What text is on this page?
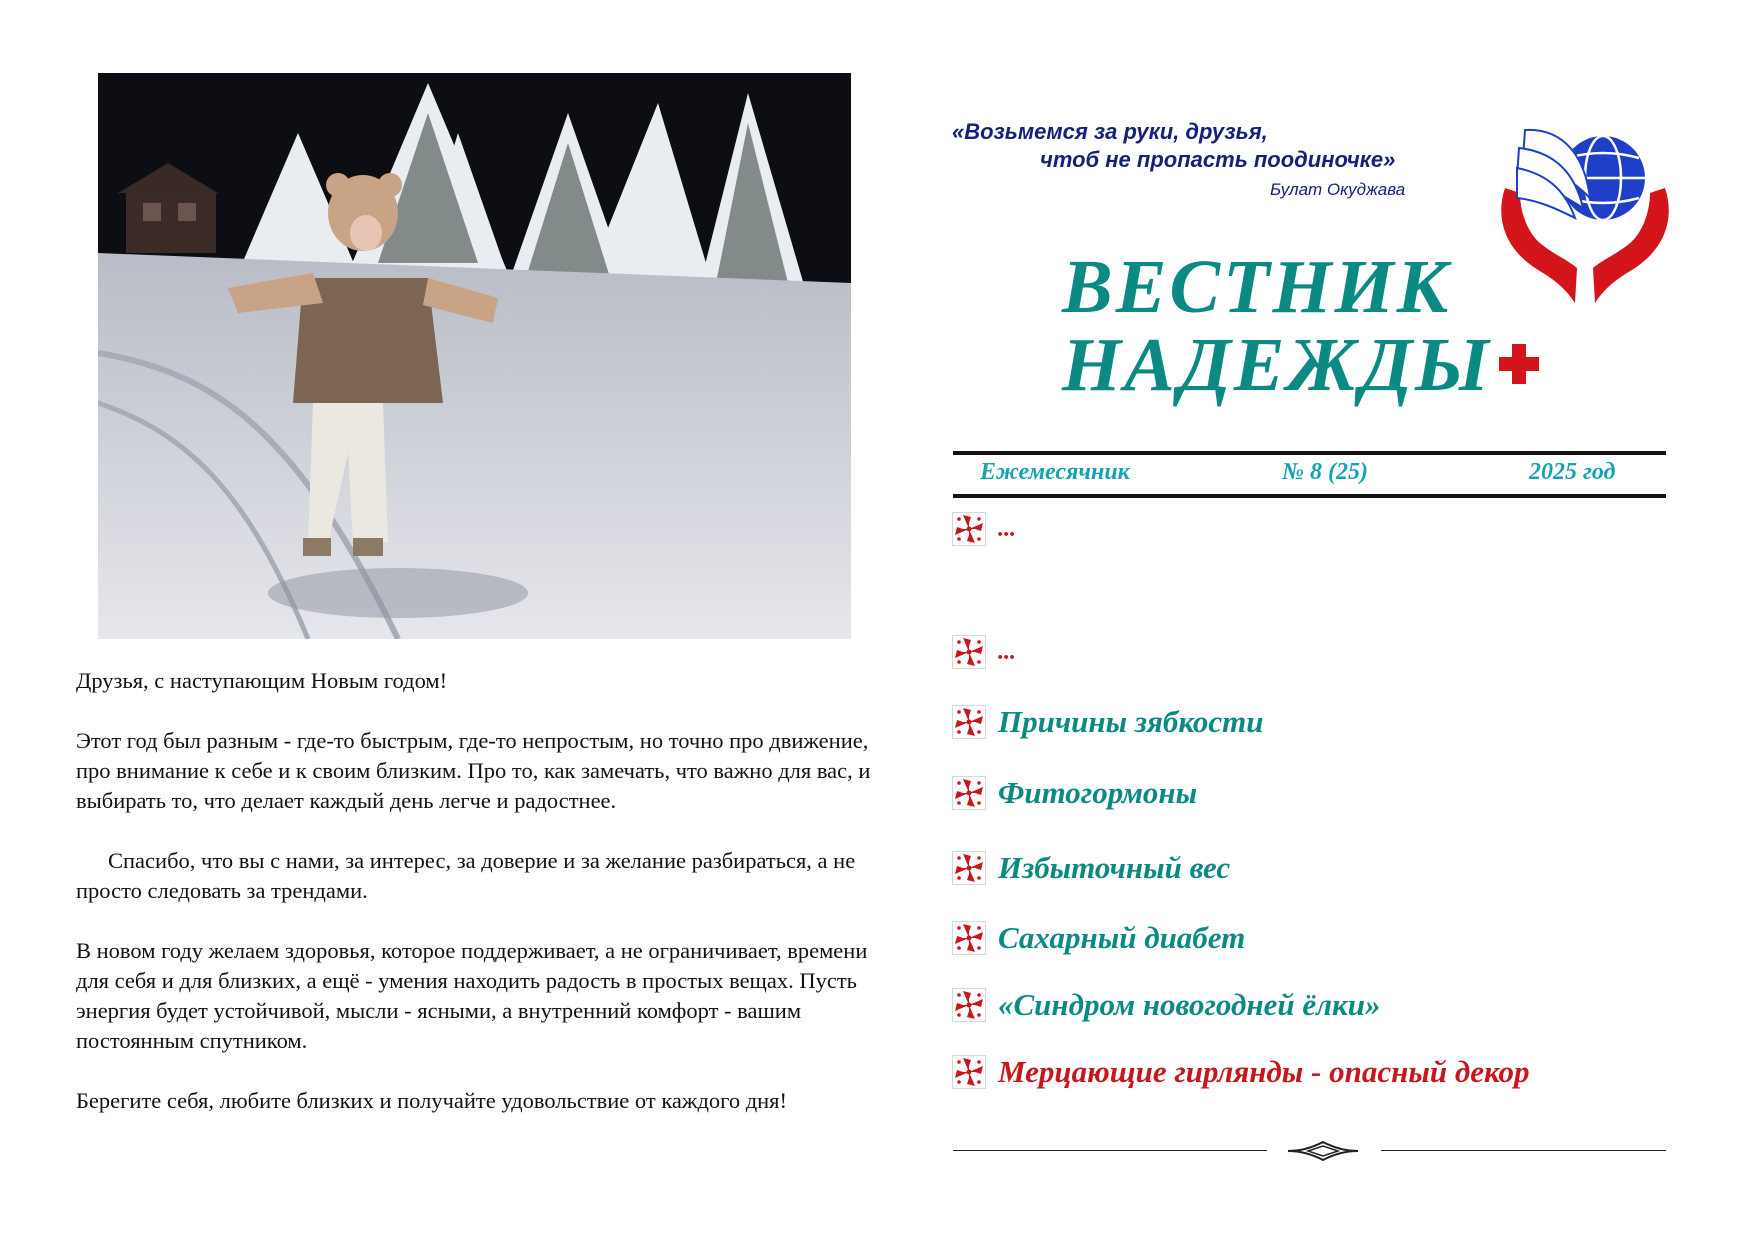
Друзья, с наступающим Новым годом!

Этот год был разным - где-то быстрым, где-то непростым, но точно про движение, про внимание к себе и к своим близким. Про то, как замечать, что важно для вас, и выбирать то, что делает каждый день легче и радостнее.

Спасибо, что вы с нами, за интерес, за доверие и за желание разбираться, а не просто следовать за трендами.

В новом году желаем здоровья, которое поддерживает, а не ограничивает, времени для себя и для близких, а ещё - умения находить радость в простых вещах. Пусть энергия будет устойчивой, мысли - ясными, а внутренний комфорт - вашим постоянным спутником.

Берегите себя, любите близких и получайте удовольствие от каждого дня!

«Возьмемся за руки, друзья,
чтоб не пропасть поодиночке»
Булат Окуджава
ВЕСТНИК
НАДЕЖДЫ
Ежемесячник	№ 8 (25)	2025 год
...
...
Причины зябкости
Фитогормоны
Избыточный вес
Сахарный диабет
«Синдром новогодней ёлки»
Мерцающие гирлянды - опасный декор
